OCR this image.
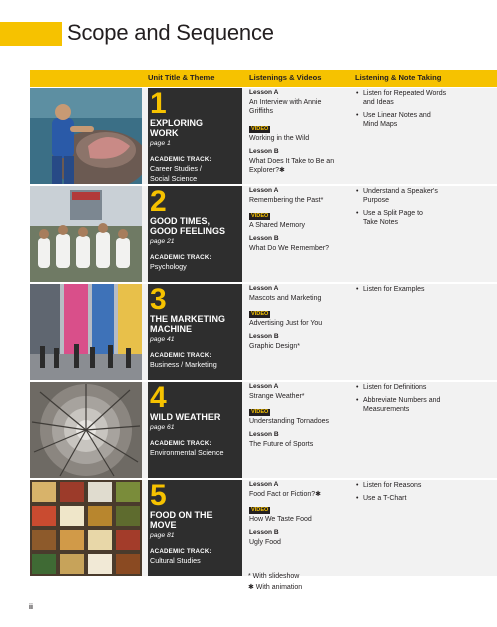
Scope and Sequence
Unit Title & Theme	Listenings & Videos	Listening & Note Taking
1
EXPLORING
WORK
page 1
ACADEMIC TRACK:
Career Studies /
Social Science
Lesson A
An Interview with Annie
Griffiths
VIDEO
Working in the Wild
Lesson B
What Does It Take to Be an
Explorer?✱
• Listen for Repeated Words
and Ideas
• Use Linear Notes and
Mind Maps
2
GOOD TIMES,
GOOD FEELINGS
page 21
ACADEMIC TRACK:
Psychology
Lesson A
Remembering the Past*
VIDEO
A Shared Memory
Lesson B
What Do We Remember?
• Understand a Speaker's
Purpose
• Use a Split Page to
Take Notes
3
THE MARKETING
MACHINE
page 41
ACADEMIC TRACK:
Business / Marketing
Lesson A
Mascots and Marketing
VIDEO
Advertising Just for You
Lesson B
Graphic Design*
• Listen for Examples
4
WILD WEATHER
page 61
ACADEMIC TRACK:
Environmental Science
Lesson A
Strange Weather*
VIDEO
Understanding Tornadoes
Lesson B
The Future of Sports
• Listen for Definitions
• Abbreviate Numbers and
Measurements
5
FOOD ON THE
MOVE
page 81
ACADEMIC TRACK:
Cultural Studies
Lesson A
Food Fact or Fiction?✱
VIDEO
How We Taste Food
Lesson B
Ugly Food
• Listen for Reasons
• Use a T-Chart
* With slideshow
✱ With animation
ii
